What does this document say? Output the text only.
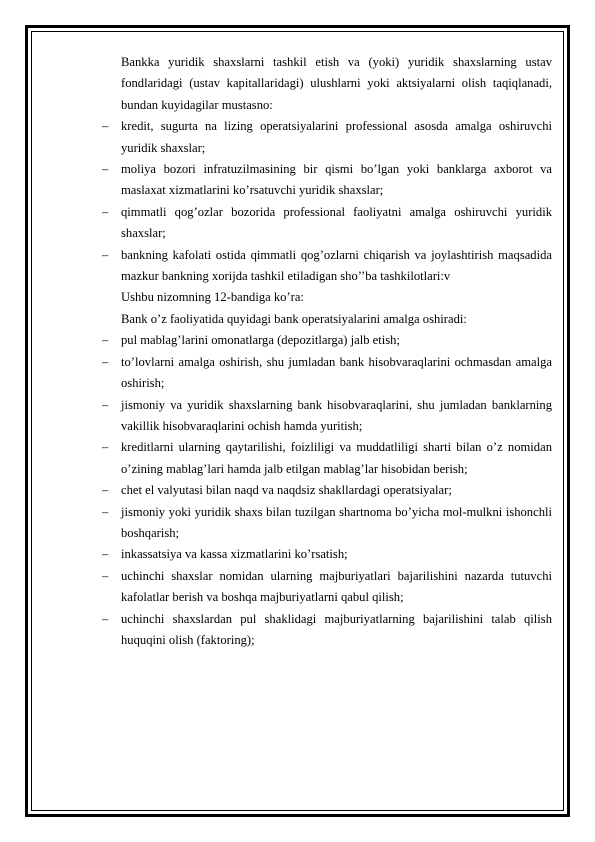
Bankka yuridik shaxslarni tashkil etish va (yoki) yuridik shaxslarning ustav fondlaridagi (ustav kapitallaridagi) ulushlarni yoki aktsiyalarni olish taqiqlanadi, bundan kuyidagilar mustasno:
–	kredit, sugurta na lizing operatsiyalarini professional asosda amalga oshiruvchi yuridik shaxslar;
–	moliya bozori infratuzilmasining bir qismi bo’lgan yoki banklarga axborot va maslaxat xizmatlarini ko’rsatuvchi yuridik shaxslar;
–	qimmatli qog’ozlar bozorida professional faoliyatni amalga oshiruvchi yuridik shaxslar;
–	bankning kafolati ostida qimmatli qog’ozlarni chiqarish va joylashtirish maqsadida mazkur bankning xorijda tashkil etiladigan sho’’ba tashkilotlari:v
Ushbu nizomning 12-bandiga ko’ra:
Bank o’z faoliyatida quyidagi bank operatsiyalarini amalga oshiradi:
–	pul mablag’larini omonatlarga (depozitlarga) jalb etish;
–	to’lovlarni amalga oshirish, shu jumladan bank hisobvaraqlarini ochmasdan amalga oshirish;
–	jismoniy va yuridik shaxslarning bank hisobvaraqlarini, shu jumladan banklarning vakillik hisobvaraqlarini ochish hamda yuritish;
–	kreditlarni ularning qaytarilishi, foizliligi va muddatliligi sharti bilan o’z nomidan o’zining mablag’lari hamda jalb etilgan mablag’lar hisobidan berish;
–	chet el valyutasi bilan naqd va naqdsiz shakllardagi operatsiyalar;
–	jismoniy yoki yuridik shaxs bilan tuzilgan shartnoma bo’yicha mol-mulkni ishonchli boshqarish;
–	inkassatsiya va kassa xizmatlarini ko’rsatish;
–	uchinchi shaxslar nomidan ularning majburiyatlari bajarilishini nazarda tutuvchi kafolatlar berish va boshqa majburiyatlarni qabul qilish;
–	uchinchi shaxslardan pul shaklidagi majburiyatlarning bajarilishini talab qilish huquqini olish (faktoring);
